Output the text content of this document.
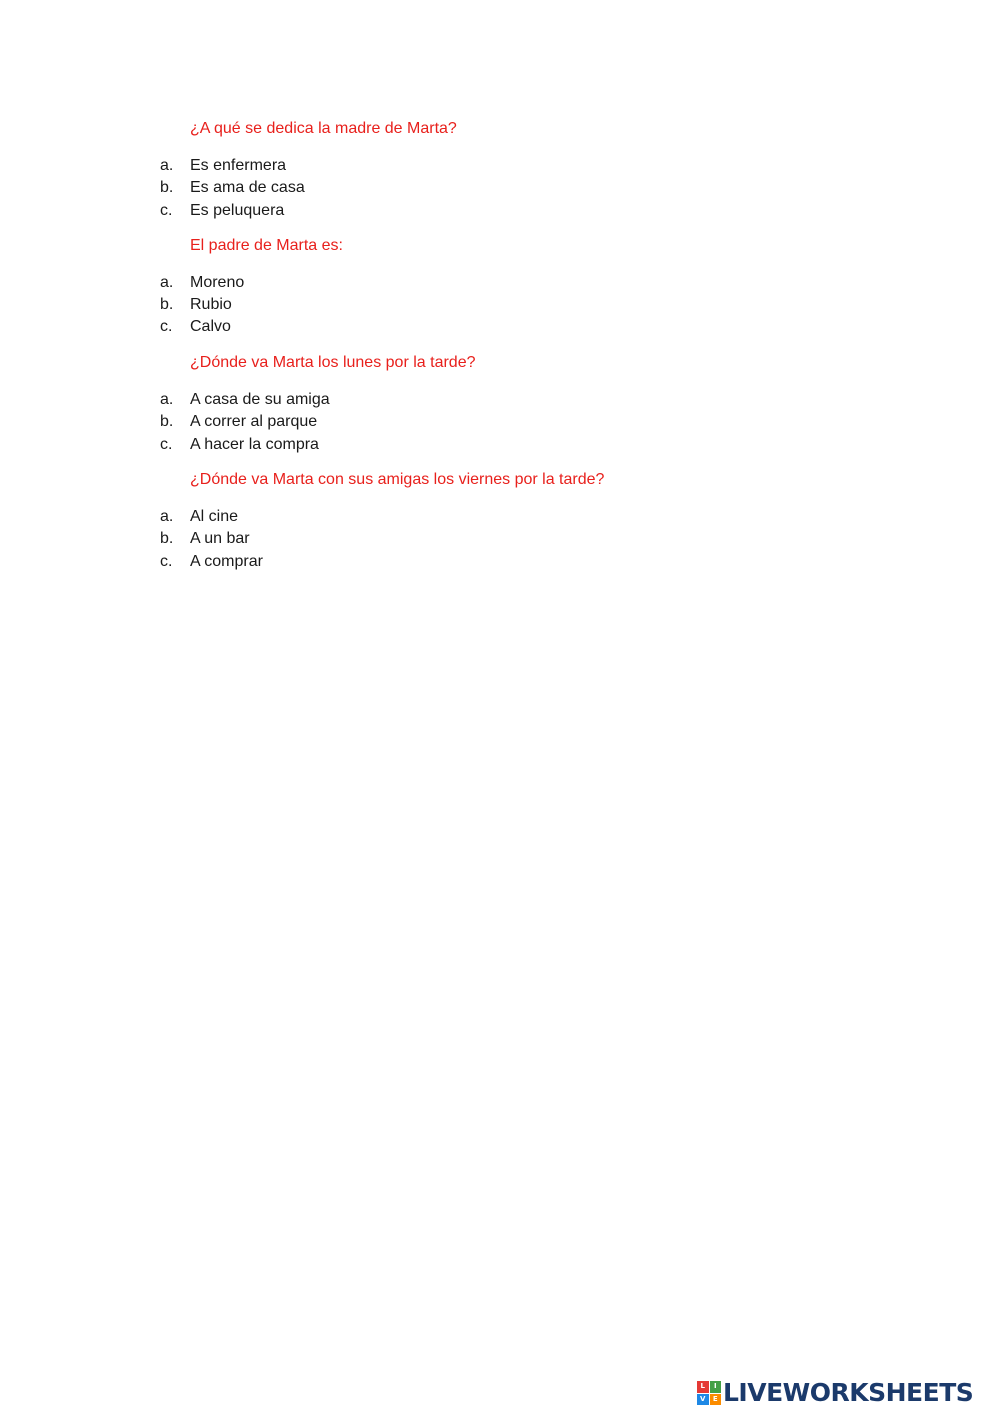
¿A qué se dedica la madre de Marta?
a. Es enfermera
b. Es ama de casa
c. Es peluquera
El padre de Marta es:
a. Moreno
b. Rubio
c. Calvo
¿Dónde va Marta los lunes por la tarde?
a. A casa de su amiga
b. A correr al parque
c. A hacer la compra
¿Dónde va Marta con sus amigas los viernes por la tarde?
a. Al cine
b. A un bar
c. A comprar
L	I
V	E LIVEWORKSHEETS
